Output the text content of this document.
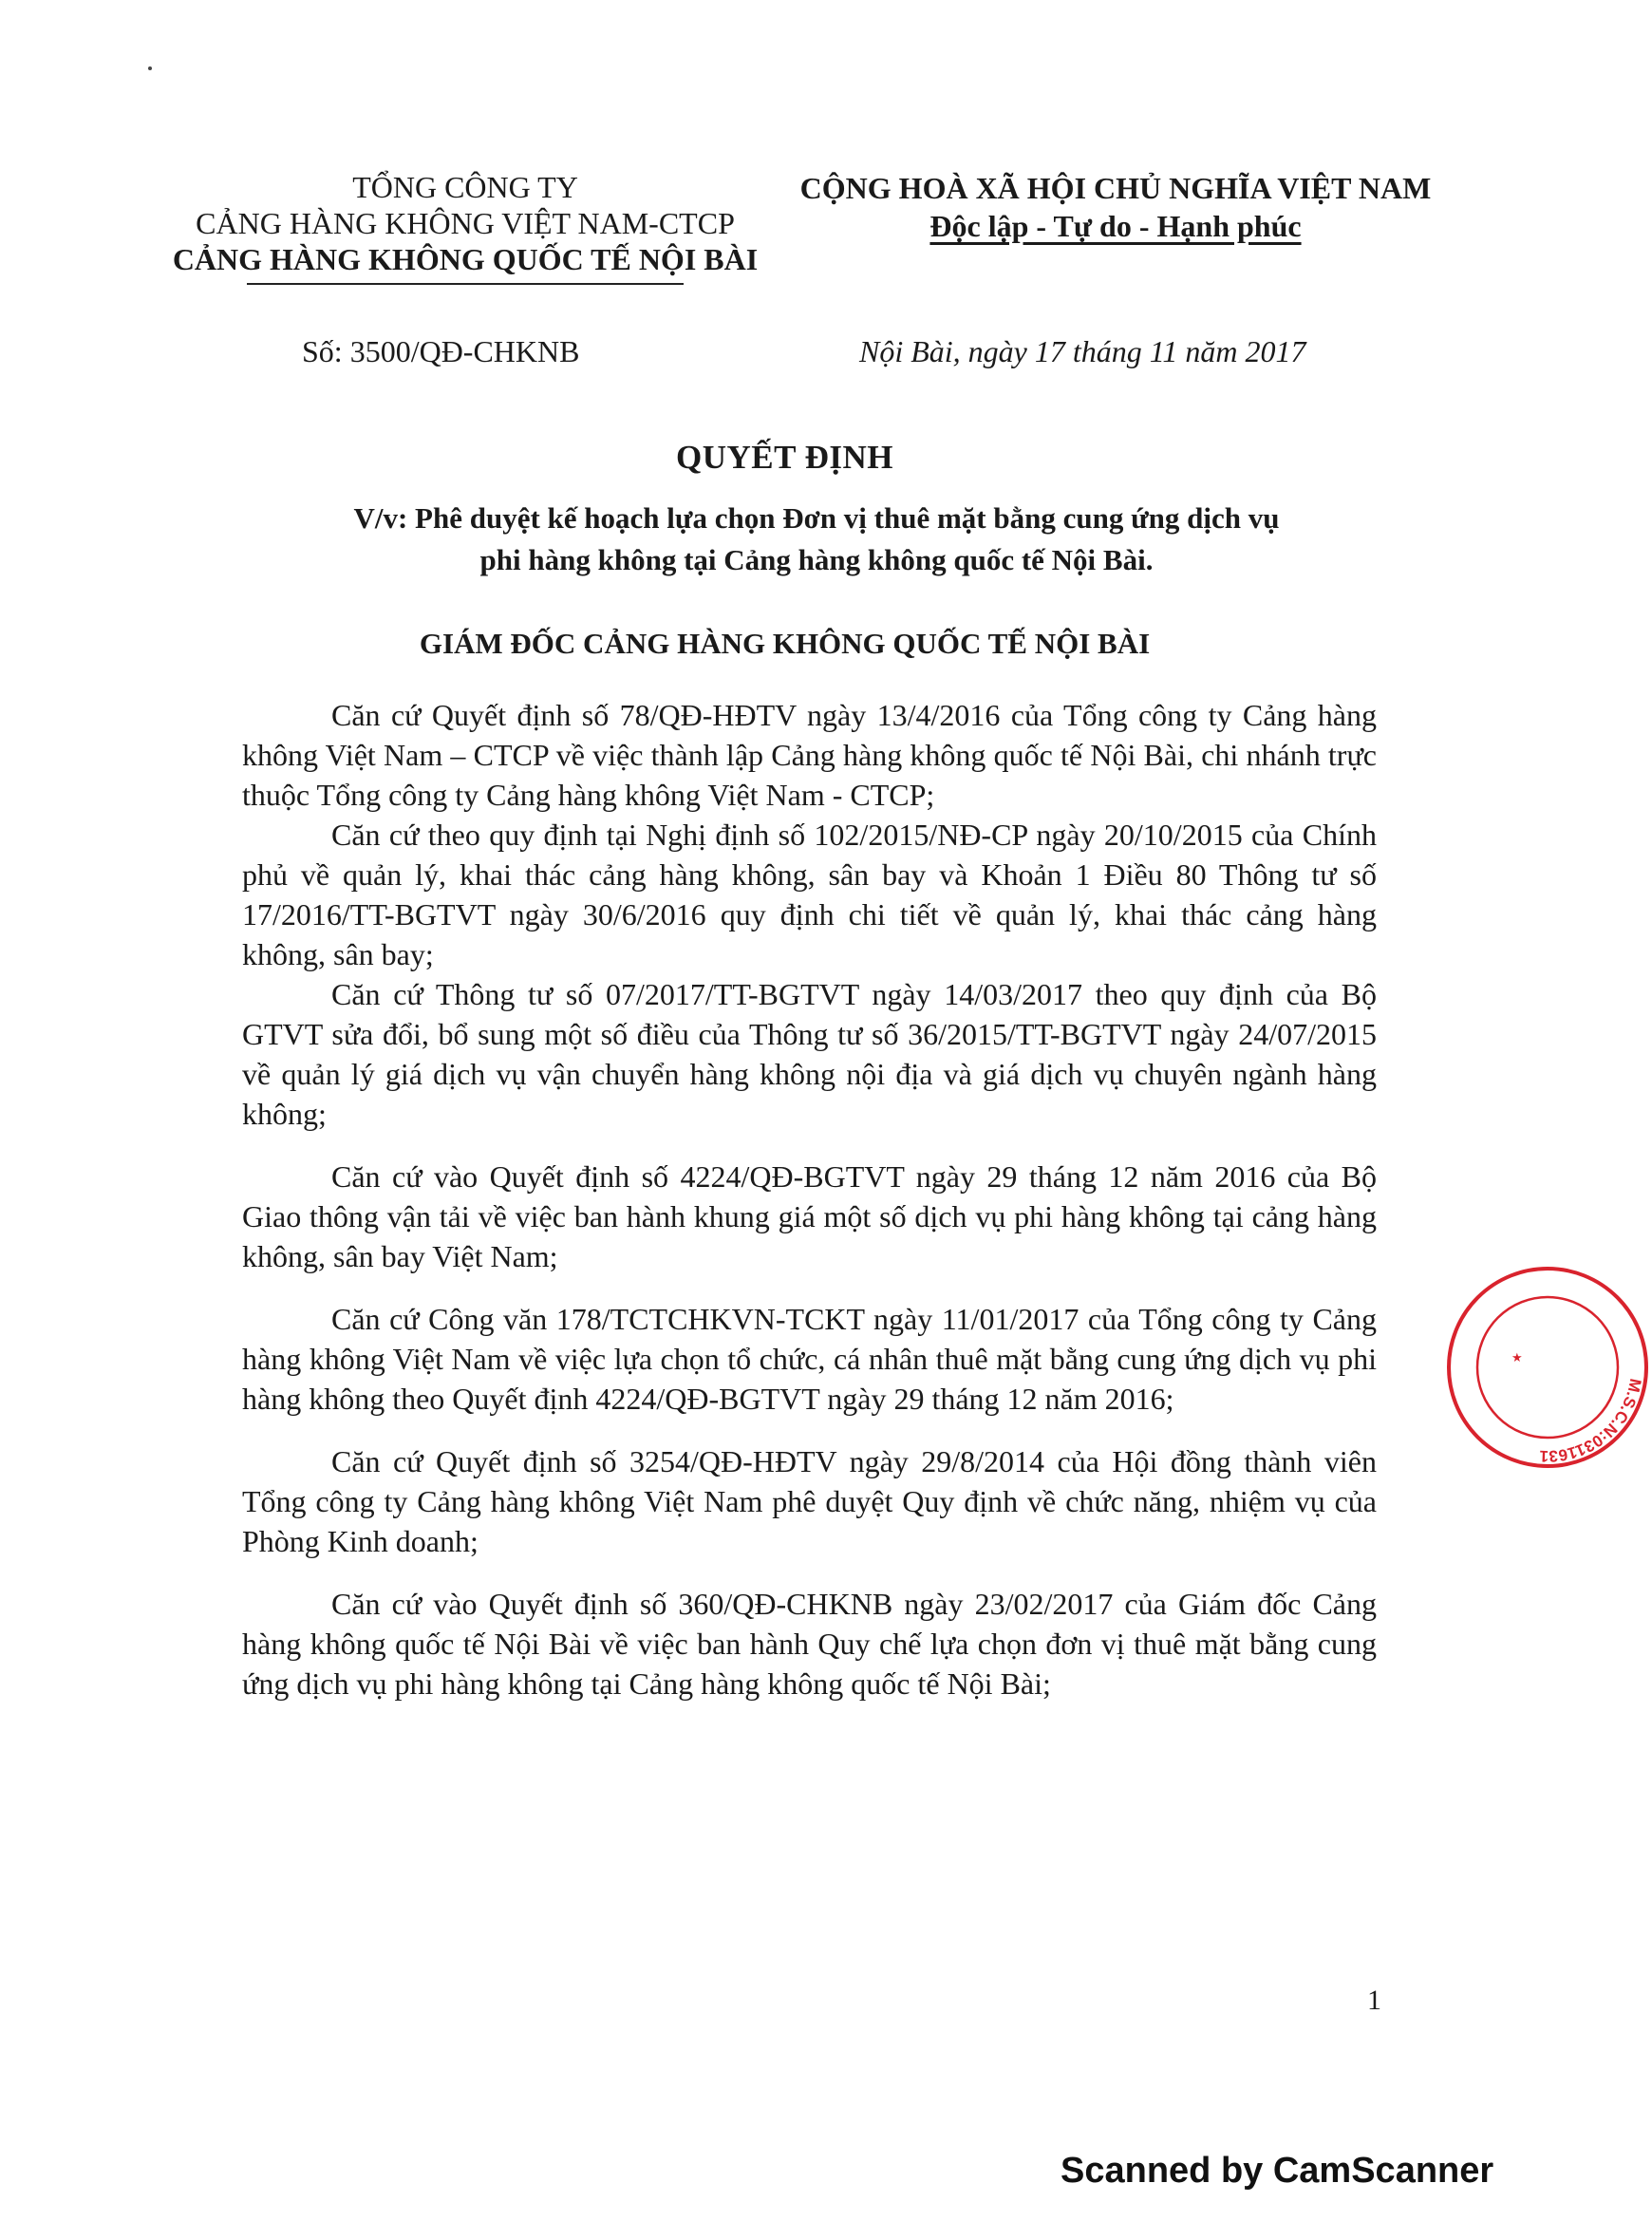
TỔNG CÔNG TY
CẢNG HÀNG KHÔNG VIỆT NAM-CTCP
CẢNG HÀNG KHÔNG QUỐC TẾ NỘI BÀI
CỘNG HOÀ XÃ HỘI CHỦ NGHĨA VIỆT NAM
Độc lập - Tự do - Hạnh phúc
Số: 3500/QĐ-CHKNB	Nội Bài, ngày 17 tháng 11 năm 2017
QUYẾT ĐỊNH
V/v: Phê duyệt kế hoạch lựa chọn Đơn vị thuê mặt bằng cung ứng dịch vụ
phi hàng không tại Cảng hàng không quốc tế Nội Bài.
GIÁM ĐỐC CẢNG HÀNG KHÔNG QUỐC TẾ NỘI BÀI

Căn cứ Quyết định số 78/QĐ-HĐTV ngày 13/4/2016 của Tổng công ty Cảng hàng không Việt Nam – CTCP về việc thành lập Cảng hàng không quốc tế Nội Bài, chi nhánh trực thuộc Tổng công ty Cảng hàng không Việt Nam - CTCP;

Căn cứ theo quy định tại Nghị định số 102/2015/NĐ-CP ngày 20/10/2015 của Chính phủ về quản lý, khai thác cảng hàng không, sân bay và Khoản 1 Điều 80 Thông tư số 17/2016/TT-BGTVT ngày 30/6/2016 quy định chi tiết về quản lý, khai thác cảng hàng không, sân bay;

Căn cứ Thông tư số 07/2017/TT-BGTVT ngày 14/03/2017 theo quy định của Bộ GTVT sửa đổi, bổ sung một số điều của Thông tư số 36/2015/TT-BGTVT ngày 24/07/2015 về quản lý giá dịch vụ vận chuyển hàng không nội địa và giá dịch vụ chuyên ngành hàng không;

Căn cứ vào Quyết định số 4224/QĐ-BGTVT ngày 29 tháng 12 năm 2016 của Bộ Giao thông vận tải về việc ban hành khung giá một số dịch vụ phi hàng không tại cảng hàng không, sân bay Việt Nam;

Căn cứ Công văn 178/TCTCHKVN-TCKT ngày 11/01/2017 của Tổng công ty Cảng hàng không Việt Nam về việc lựa chọn tổ chức, cá nhân thuê mặt bằng cung ứng dịch vụ phi hàng không theo Quyết định 4224/QĐ-BGTVT ngày 29 tháng 12 năm 2016;

Căn cứ Quyết định số 3254/QĐ-HĐTV ngày 29/8/2014 của Hội đồng thành viên Tổng công ty Cảng hàng không Việt Nam phê duyệt Quy định về chức năng, nhiệm vụ của Phòng Kinh doanh;

Căn cứ vào Quyết định số 360/QĐ-CHKNB ngày 23/02/2017 của Giám đốc Cảng hàng không quốc tế Nội Bài về việc ban hành Quy chế lựa chọn đơn vị thuê mặt bằng cung ứng dịch vụ phi hàng không tại Cảng hàng không quốc tế Nội Bài;

1
M.S.C.N:0311631
★
Scanned by CamScanner
